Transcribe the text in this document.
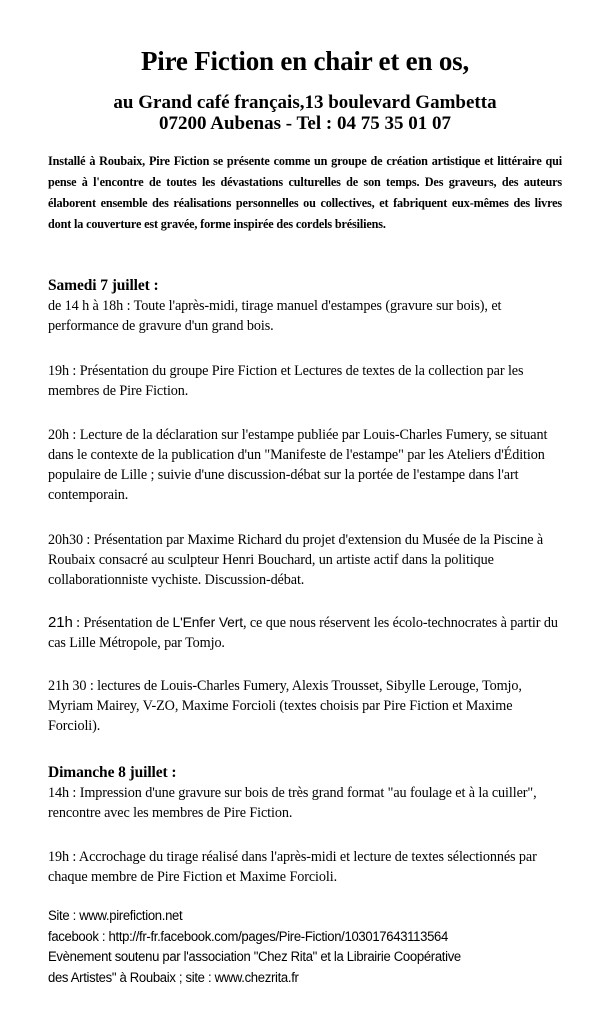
Pire Fiction en chair et en os,
au Grand café français,13 boulevard Gambetta
07200 Aubenas - Tel : 04 75 35 01 07
Installé à Roubaix, Pire Fiction se présente comme un groupe de création artistique et littéraire qui pense à l'encontre de toutes les dévastations culturelles de son temps. Des graveurs, des auteurs élaborent ensemble des réalisations personnelles ou collectives, et fabriquent eux-mêmes des livres dont la couverture est gravée, forme inspirée des cordels brésiliens.
Samedi 7 juillet :
de 14 h à 18h : Toute l'après-midi, tirage manuel d'estampes (gravure sur bois), et performance de gravure d'un grand bois.
19h : Présentation du groupe Pire Fiction et Lectures de textes de la collection par les membres de Pire Fiction.
20h : Lecture de la déclaration sur l'estampe publiée par Louis-Charles Fumery, se situant dans le contexte de la publication d'un "Manifeste de l'estampe" par les Ateliers d'Édition populaire de Lille ; suivie d'une discussion-débat sur la portée de l'estampe dans l'art contemporain.
20h30 : Présentation par Maxime Richard du projet d'extension du Musée de la Piscine à Roubaix consacré au sculpteur Henri Bouchard, un artiste actif dans la politique collaborationniste vychiste. Discussion-débat.
21h : Présentation de L'Enfer Vert, ce que nous réservent les écolo-technocrates à partir du cas Lille Métropole, par Tomjo.
21h 30 : lectures de Louis-Charles Fumery, Alexis Trousset, Sibylle Lerouge, Tomjo, Myriam Mairey, V-ZO, Maxime Forcioli (textes choisis par Pire Fiction et Maxime Forcioli).
Dimanche 8 juillet :
14h : Impression d'une gravure sur bois de très grand format "au foulage et à la cuiller", rencontre avec les membres de Pire Fiction.
19h : Accrochage du tirage réalisé dans l'après-midi et lecture de textes sélectionnés par chaque membre de Pire Fiction et Maxime Forcioli.
Site : www.pirefiction.net
facebook : http://fr-fr.facebook.com/pages/Pire-Fiction/103017643113564
Evènement soutenu par l'association "Chez Rita" et la Librairie Coopérative
des Artistes" à Roubaix ; site : www.chezrita.fr
